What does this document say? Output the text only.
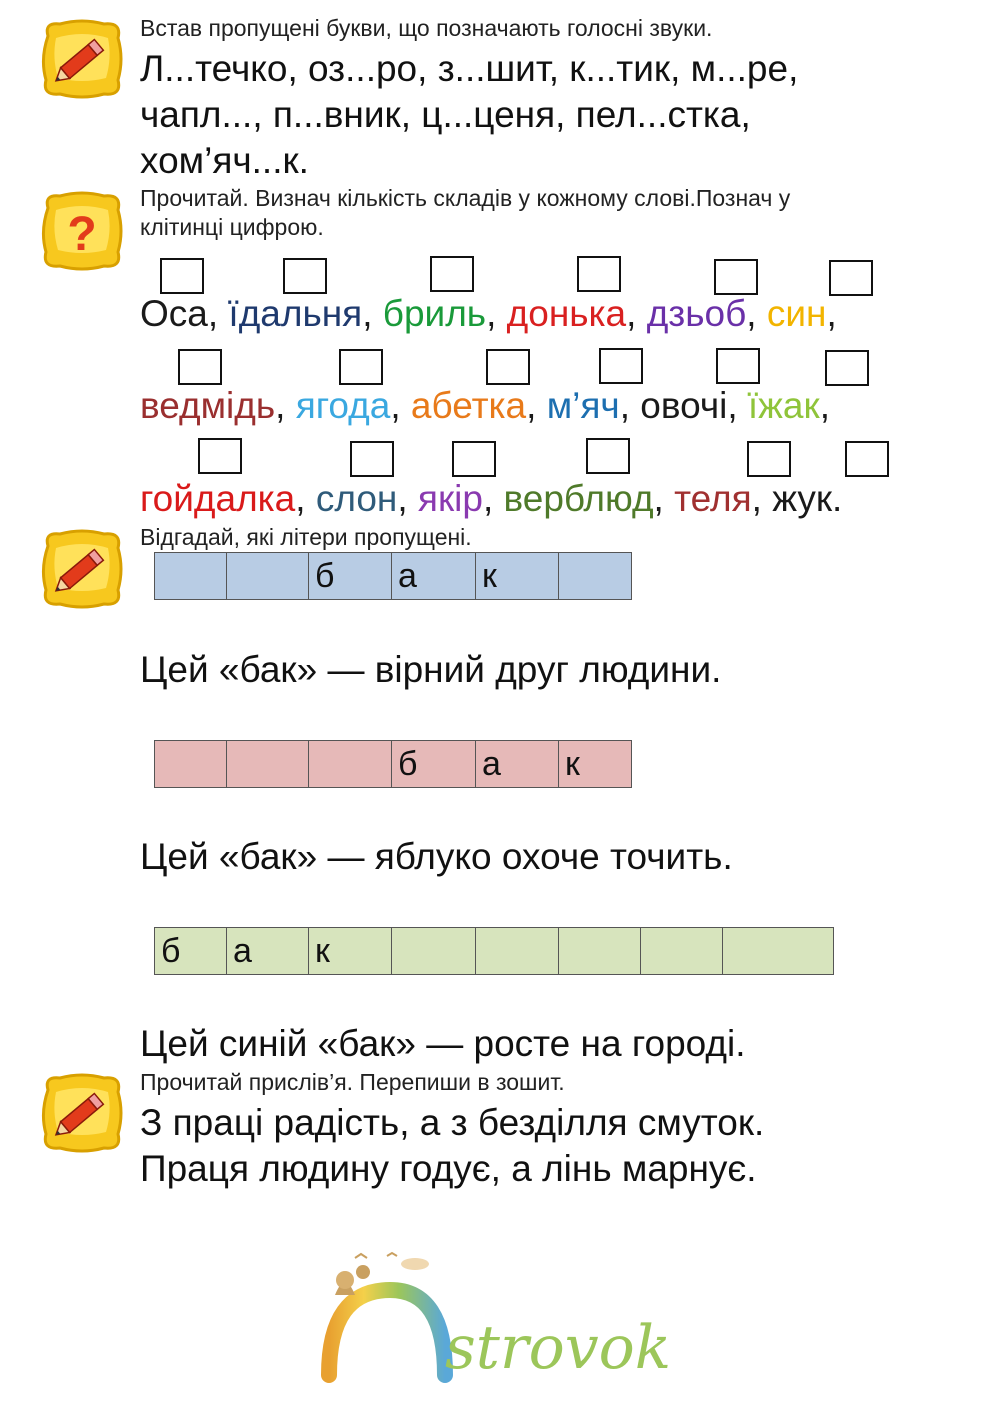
?
Встав пропущені букви, що позначають голосні звуки.
Л...течко, оз...ро, з...шит, к...тик, м...ре,
чапл..., п...вник, ц...ценя, пел...стка,
хом’яч...к.
Прочитай. Визнач кількість складів у кожному слові.Познач у
клітинці цифрою.
Оса, їдальня, бриль, донька, дзьоб, син,
ведмідь, ягода, абетка, м’яч, овочі, їжак,
гойдалка, слон, якір, верблюд, теля, жук.
Відгадай, які літери пропущені.
б	а	к
Цей «бак» — вірний друг людини.
б	а	к
Цей «бак» — яблуко охоче точить.
б	а	к
Цей синій «бак» — росте на городі.
Прочитай прислів’я. Перепиши в зошит.
З праці радість, а з безділля смуток.
Праця людину годує, а лінь марнує.
strovok
